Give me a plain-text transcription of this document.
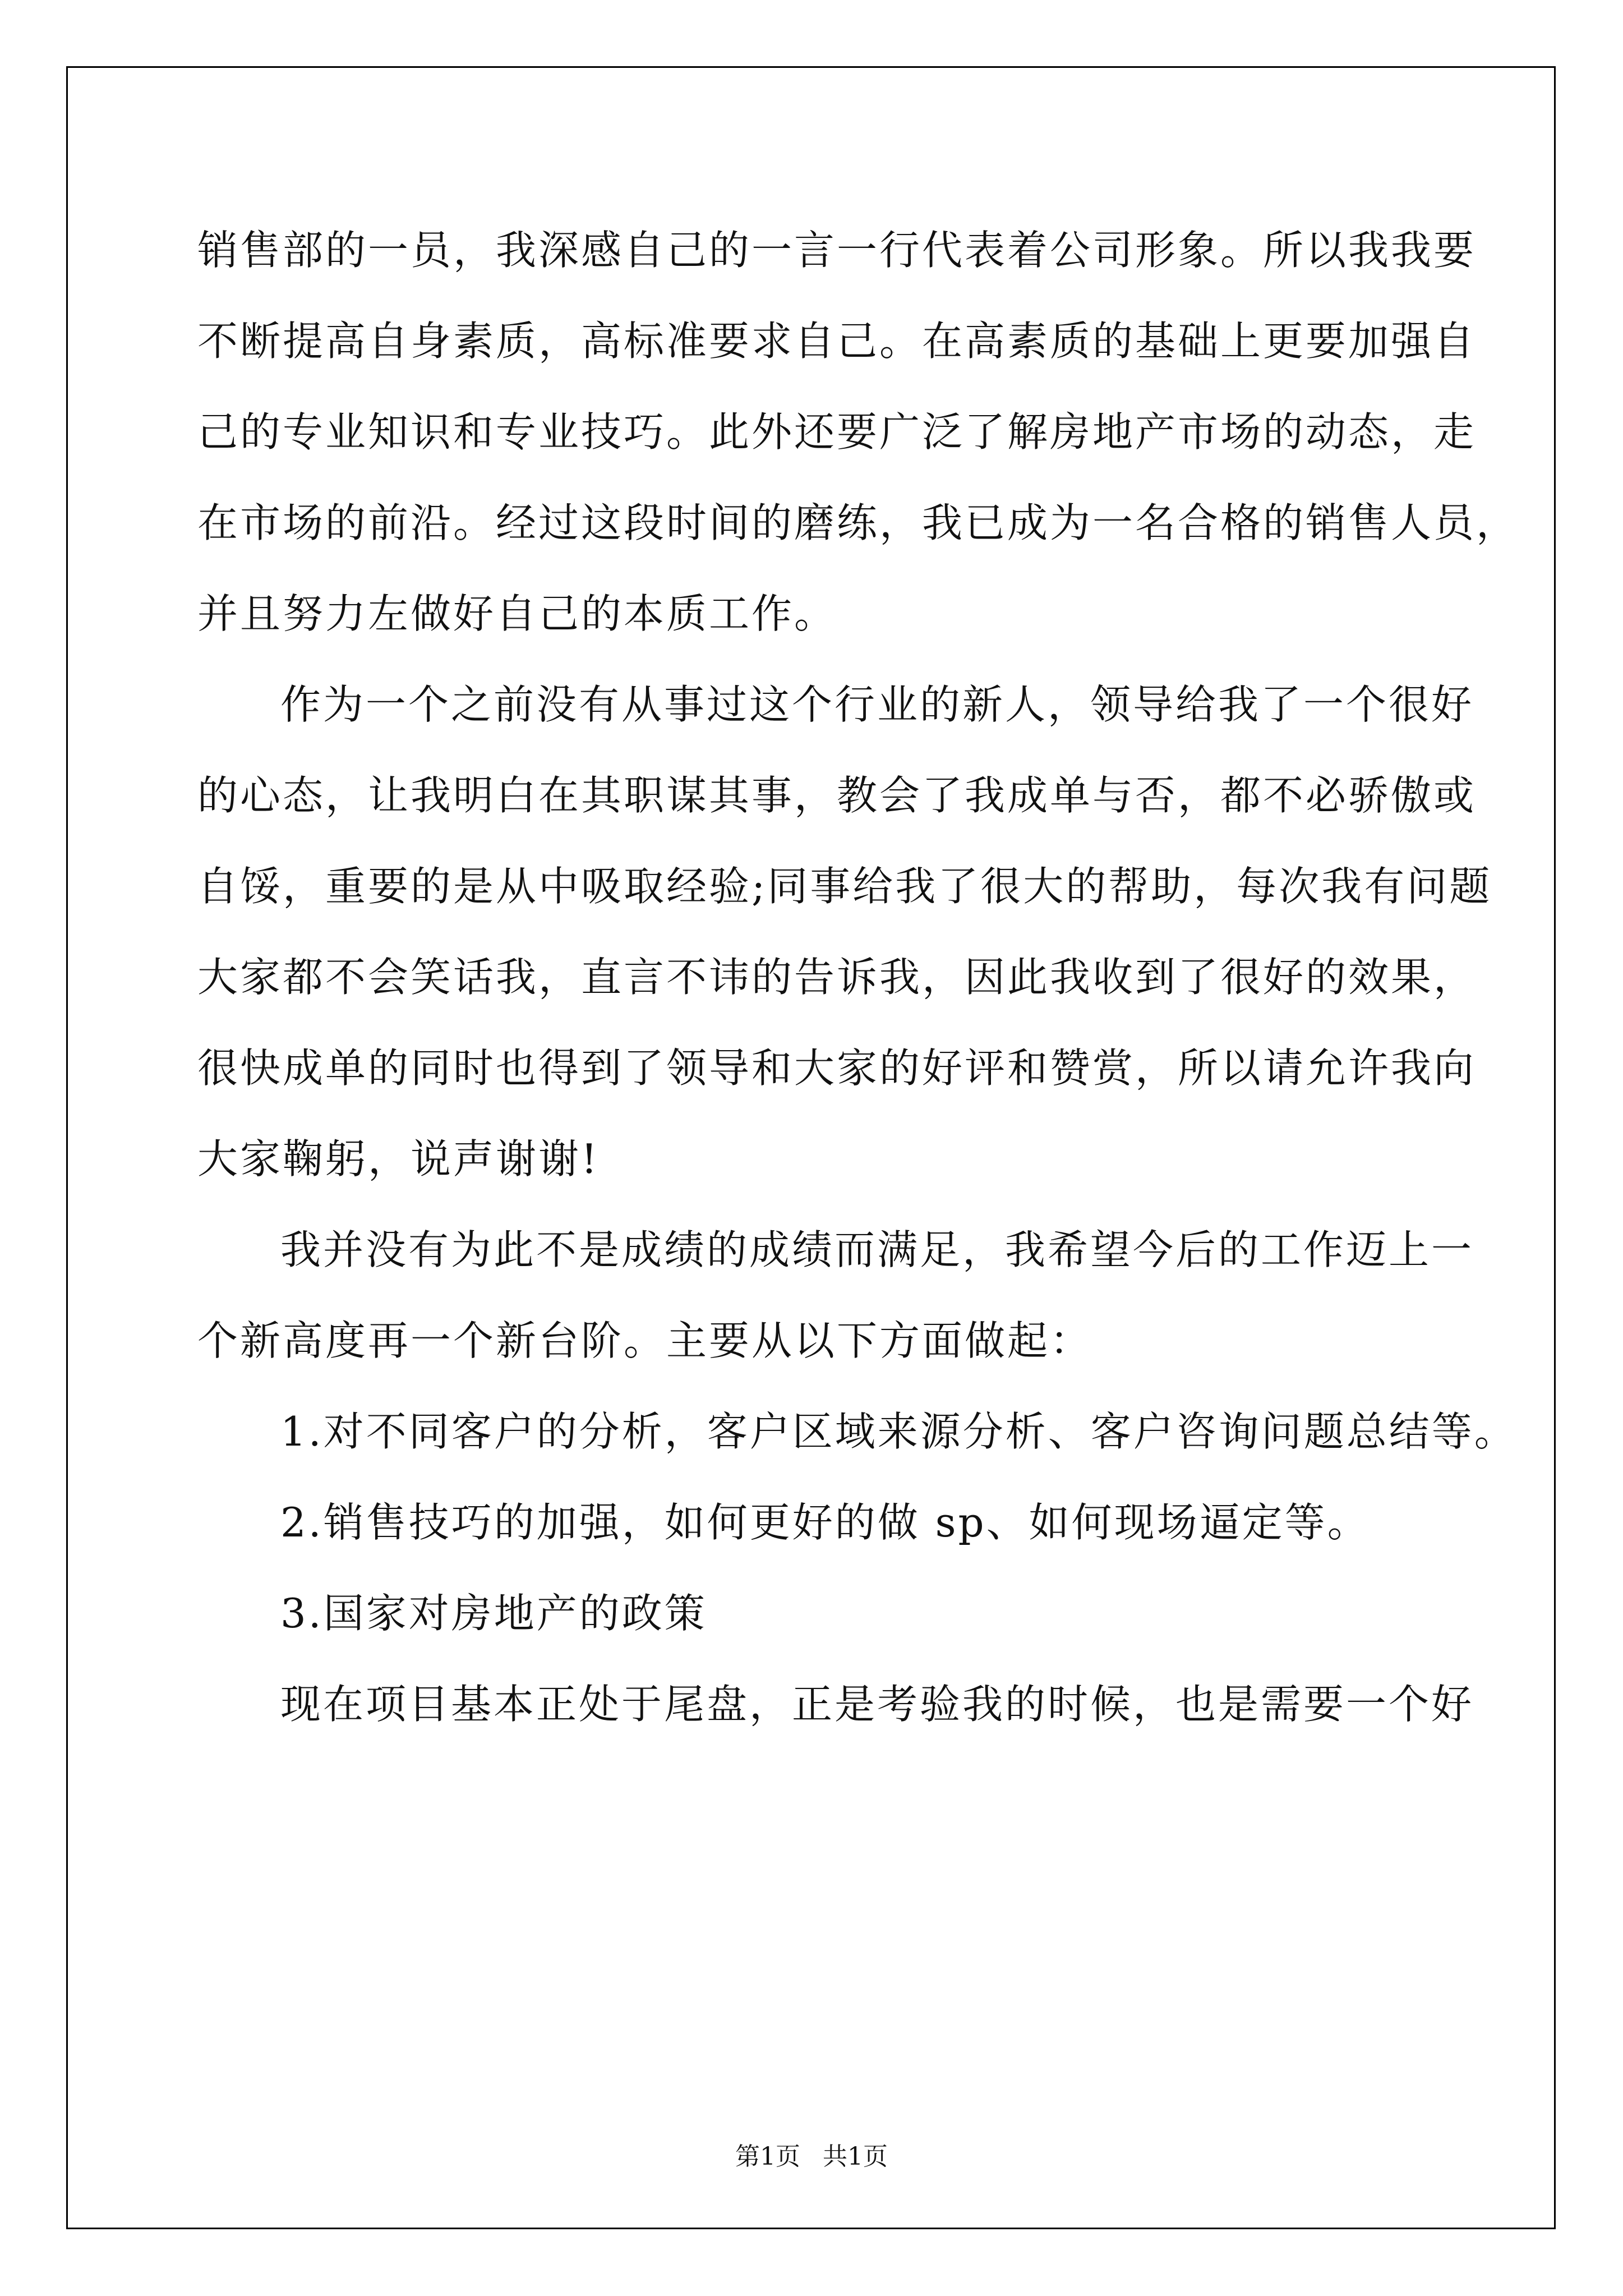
销售部的一员，我深感自己的一言一行代表着公司形象。所以我我要
不断提高自身素质，高标准要求自己。在高素质的基础上更要加强自
己的专业知识和专业技巧。此外还要广泛了解房地产市场的动态，走
在市场的前沿。经过这段时间的磨练，我已成为一名合格的销售人员，
并且努力左做好自己的本质工作。
作为一个之前没有从事过这个行业的新人，领导给我了一个很好
的心态，让我明白在其职谋其事，教会了我成单与否，都不必骄傲或
自馁，重要的是从中吸取经验;同事给我了很大的帮助，每次我有问题
大家都不会笑话我，直言不讳的告诉我，因此我收到了很好的效果，
很快成单的同时也得到了领导和大家的好评和赞赏，所以请允许我向
大家鞠躬，说声谢谢!
我并没有为此不是成绩的成绩而满足，我希望今后的工作迈上一
个新高度再一个新台阶。主要从以下方面做起：
1.对不同客户的分析，客户区域来源分析、客户咨询问题总结等。
2.销售技巧的加强，如何更好的做 sp、如何现场逼定等。
3.国家对房地产的政策
现在项目基本正处于尾盘，正是考验我的时候，也是需要一个好
第1页 共1页
